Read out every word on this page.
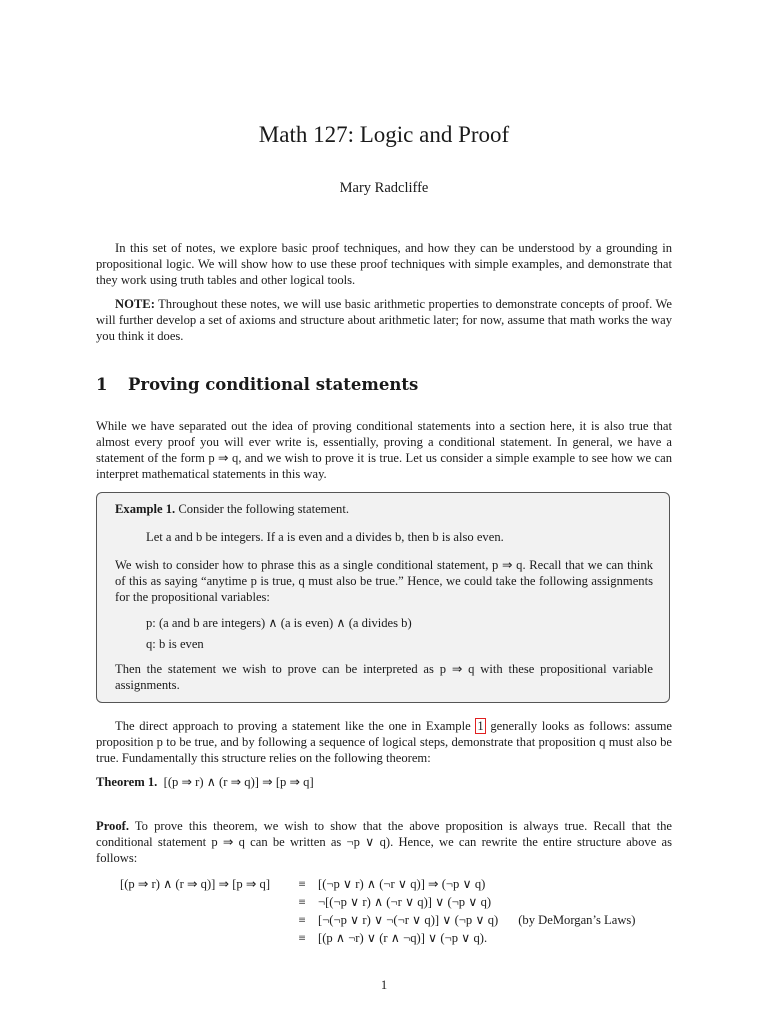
Math 127: Logic and Proof
Mary Radcliffe
In this set of notes, we explore basic proof techniques, and how they can be understood by a grounding in propositional logic. We will show how to use these proof techniques with simple examples, and demonstrate that they work using truth tables and other logical tools.
NOTE: Throughout these notes, we will use basic arithmetic properties to demonstrate concepts of proof. We will further develop a set of axioms and structure about arithmetic later; for now, assume that math works the way you think it does.
1 Proving conditional statements
While we have separated out the idea of proving conditional statements into a section here, it is also true that almost every proof you will ever write is, essentially, proving a conditional statement. In general, we have a statement of the form p ⇒ q, and we wish to prove it is true. Let us consider a simple example to see how we can interpret mathematical statements in this way.
Example 1. Consider the following statement.
Let a and b be integers. If a is even and a divides b, then b is also even.
We wish to consider how to phrase this as a single conditional statement, p ⇒ q. Recall that we can think of this as saying “anytime p is true, q must also be true.” Hence, we could take the following assignments for the propositional variables:
p: (a and b are integers) ∧ (a is even) ∧ (a divides b)
q: b is even
Then the statement we wish to prove can be interpreted as p ⇒ q with these propositional variable assignments.
The direct approach to proving a statement like the one in Example 1 generally looks as follows: assume proposition p to be true, and by following a sequence of logical steps, demonstrate that proposition q must also be true. Fundamentally this structure relies on the following theorem:
Theorem 1. [(p ⇒ r) ∧ (r ⇒ q)] ⇒ [p ⇒ q]
Proof. To prove this theorem, we wish to show that the above proposition is always true. Recall that the conditional statement p ⇒ q can be written as ¬p ∨ q). Hence, we can rewrite the entire structure above as follows:
[(p ⇒ r) ∧ (r ⇒ q)] ⇒ [p ⇒ q]	≡	[(¬p ∨ r) ∧ (¬r ∨ q)] ⇒ (¬p ∨ q)	
	≡	¬[(¬p ∨ r) ∧ (¬r ∨ q)] ∨ (¬p ∨ q)	
	≡	[¬(¬p ∨ r) ∨ ¬(¬r ∨ q)] ∨ (¬p ∨ q)	(by DeMorgan’s Laws)
	≡	[(p ∧ ¬r) ∨ (r ∧ ¬q)] ∨ (¬p ∨ q).	
1
